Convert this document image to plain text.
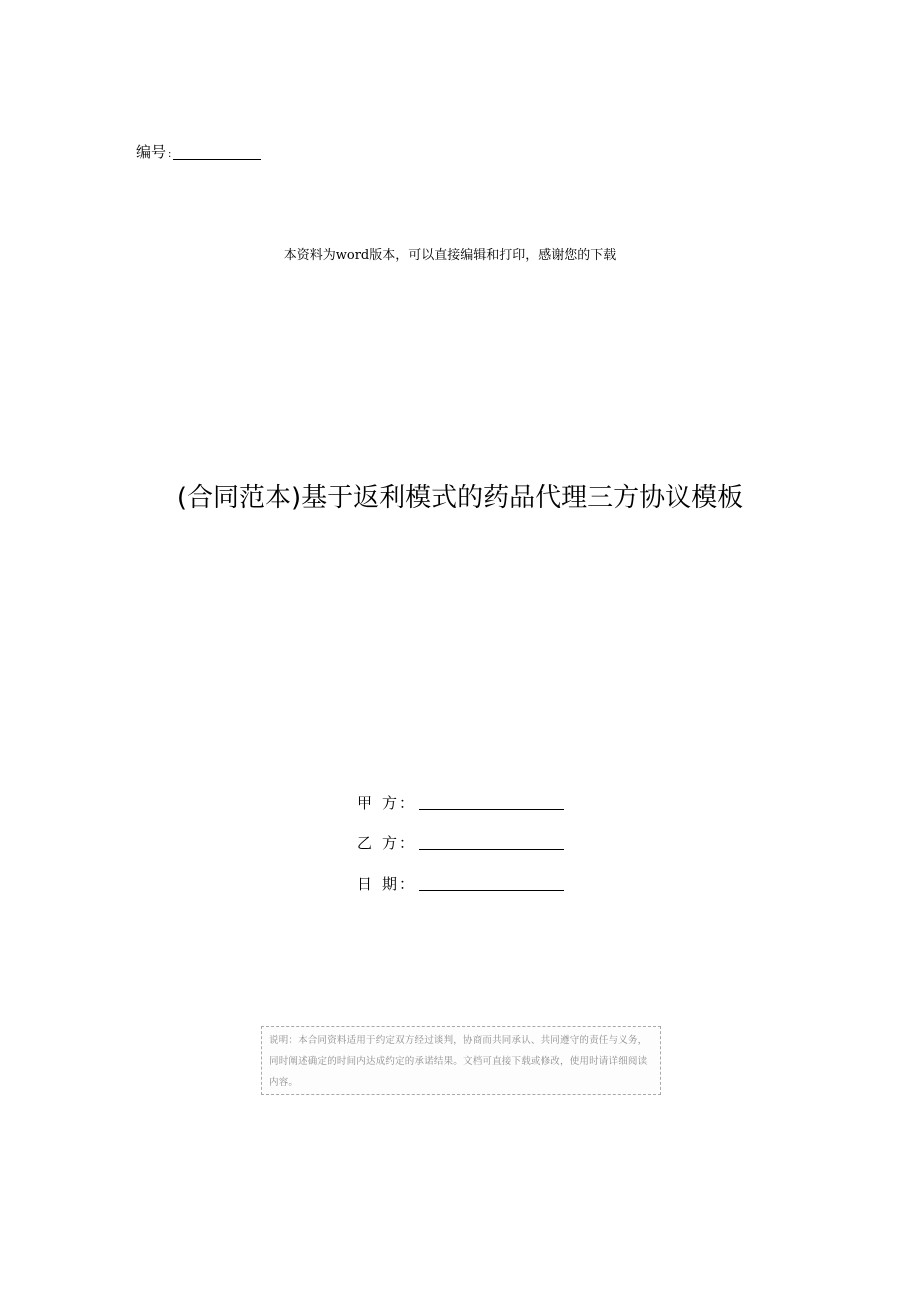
编号 :
本资料为word版本，可以直接编辑和打印，感谢您的下载
(合同范本)基于返利模式的药品代理三方协议模板
甲 方 ：
乙 方 ：
日 期 ：
说明：本合同资料适用于约定双方经过谈判，协商而共同承认、共同遵守的责任与义务，同时阐述确定的时间内达成约定的承诺结果。文档可直接下载或修改，使用时请详细阅读内容。
